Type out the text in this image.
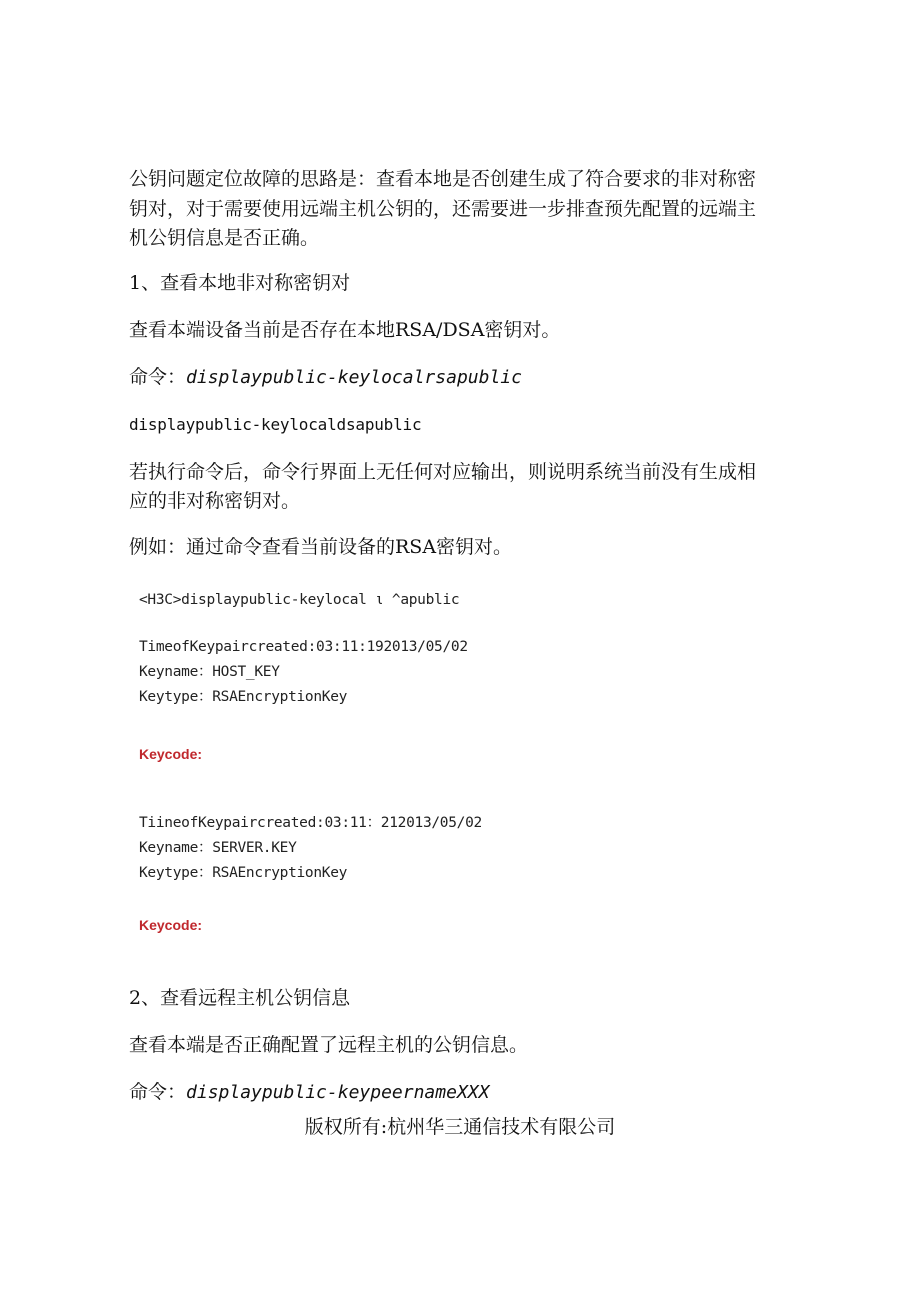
公钥问题定位故障的思路是：查看本地是否创建生成了符合要求的非对称密

钥对，对于需要使用远端主机公钥的，还需要进一步排查预先配置的远端主

机公钥信息是否正确。

1、查看本地非对称密钥对

查看本端设备当前是否存在本地RSA/DSA密钥对。

命令：displaypublic-keylocalrsapublic

displaypublic-keylocaldsapublic

若执行命令后，命令行界面上无任何对应输出，则说明系统当前没有生成相

应的非对称密钥对。

例如：通过命令查看当前设备的RSA密钥对。

<H3C>displaypublic-keylocal ι ^apublic
TimeofKeypaircreated:03:11:192013/05/02
Keyname：HOST_KEY
Keytype：RSAEncryptionKey
Keycode:
TiineofKeypaircreated:03:11：212013/05/02
Keyname：SERVER.KEY
Keytype：RSAEncryptionKey
Keycode:

2、查看远程主机公钥信息

查看本端是否正确配置了远程主机的公钥信息。

命令：displaypublic-keypeernameXXX

版权所有:杭州华三通信技术有限公司
